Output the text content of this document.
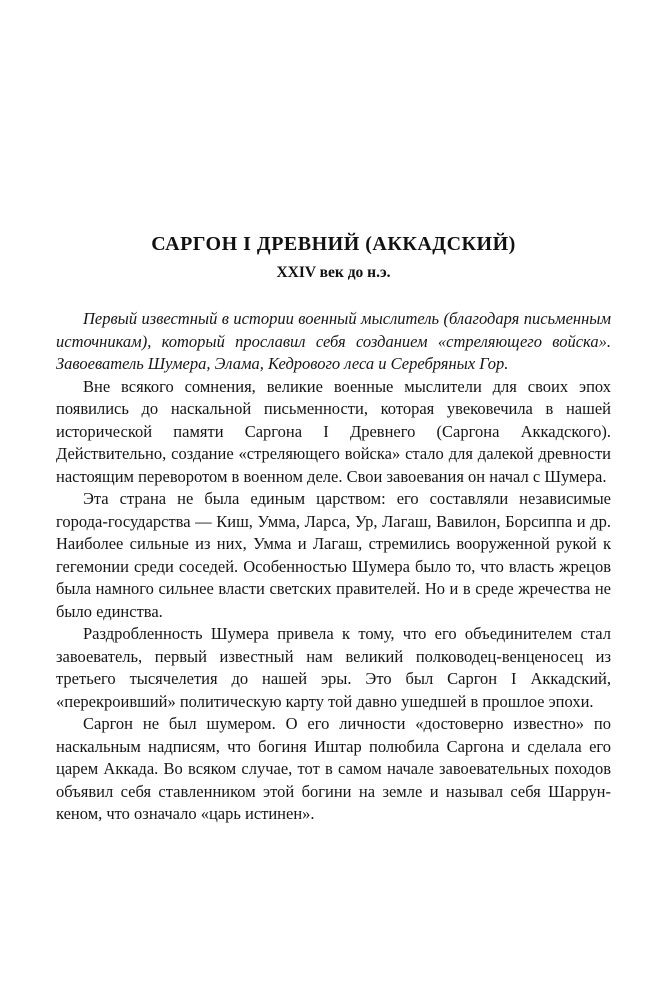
САРГОН I ДРЕВНИЙ (АККАДСКИЙ)
XXIV век до н.э.

Первый известный в истории военный мыслитель (благодаря письменным источникам), который прославил себя созданием «стреляющего войска». Завоеватель Шумера, Элама, Кедрового леса и Серебряных Гор.

Вне всякого сомнения, великие военные мыслители для своих эпох появились до наскальной письменности, которая увековечила в нашей исторической памяти Саргона I Древнего (Саргона Аккадского). Действительно, создание «стреляющего войска» стало для далекой древности настоящим переворотом в военном деле. Свои завоевания он начал с Шумера.

Эта страна не была единым царством: его составляли независимые города-государства — Киш, Умма, Ларса, Ур, Лагаш, Вавилон, Борсиппа и др. Наиболее сильные из них, Умма и Лагаш, стремились вооруженной рукой к гегемонии среди соседей. Особенностью Шумера было то, что власть жрецов была намного сильнее власти светских правителей. Но и в среде жречества не было единства.

Раздробленность Шумера привела к тому, что его объединителем стал завоеватель, первый известный нам великий полководец-венценосец из третьего тысячелетия до нашей эры. Это был Саргон I Аккадский, «перекроивший» политическую карту той давно ушедшей в прошлое эпохи.

Саргон не был шумером. О его личности «достоверно известно» по наскальным надписям, что богиня Иштар полюбила Саргона и сделала его царем Аккада. Во всяком случае, тот в самом начале завоевательных походов объявил себя ставленником этой богини на земле и называл себя Шаррун-кеном, что означало «царь истинен».
